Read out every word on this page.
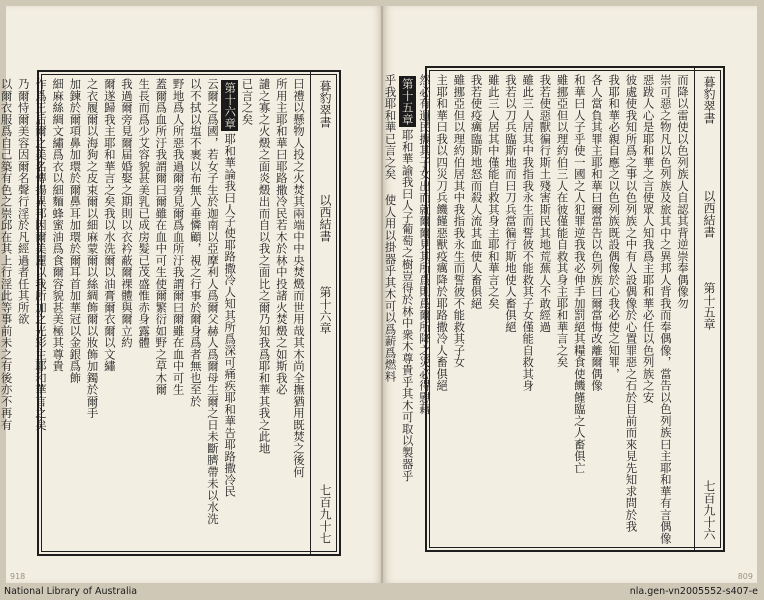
暮豹翠書
以西結書
第十六章
七百九十七

曰禮以懸物人投之火焚其兩端中中央焚燬而世用哉其木尚全撫猶用既焚之後何

所用主耶和華曰耶路撒冷民若木於林中投諸火焚燬之如斯我必

譴之寡之火燬之面炎燬出而自以我之面比之爾乃知我爲耶和華其我之此地

已言之矣

第十六章耶和華論我曰人子使耶路撒冷人知其所爲深可痛疾耶和華告耶路撒冷民

云爾之爲國，若女子生於迦南以亞摩利人爲爾父赫人爲爾母生爾之日未斷臍帶未以水洗

以不拭以塩不裹以布無人垂憐顧，視之行事於爾身爲者無也至於

野地爲人所惡我過爾旁見爾爲血所汙我謂爾曰爾雖在血中可生

蓋爾爲血所汙我謂爾曰爾雖在血中可生使爾繁衍如野之草木爾

生長而爲少艾容貌甚美乳已成房髮已茂盛惟赤身露體

我過爾旁見爾届婚娶之期則以衣衿蔽爾裸體與爾立約

爾遂歸我主耶和華言之矣我以水洗爾以油膏爾衣爾以文繡

之衣履爾以海狗之皮束爾以細麻蒙爾以絲綢飾爾以妝飾加鐲於爾手

加鍊於爾項鼻加環於爾鼻耳加環於爾耳首加華冠以金銀爲飾

細麻絲綢文繡爲衣以細麵蜂蜜油爲食爾容貌甚美極其尊貴

作爲王后爾之美名傳揚異邦因爾美麗以我所加之光彩主耶和華言之矣

乃爾恃爾美容因爾名聲行淫於凡經過者任其所欲

以爾衣服爲自己築有色之崇邱在其上行淫此等事前未之有後亦不再有

918
暮豹翠書
以西結書
第十五章
七百九十六

而降以雷使以色列族人自認其背逆崇奉偶像勿

崇可惡之物凡以色列族及旅其中之異邦人背我而奉偶像，當告以色列族曰主耶和華有言偶像

惡跋人心是耶和華之言使眾人知我爲主耶和華必任以色列族之安

彼處使我知所爲之事以色列族之中有人設偶像於心置罪惡之石於目前而來見先知求問於我

我耶和華必親自應之以色列族既設偶像於心我必使之知罪，

各人當負其罪主耶和華曰爾當告以色列族曰爾當悔改離爾偶像

和華曰人子乎使一國之人犯罪逆我我必伸手加罰絕其糧食使饑饉臨之人畜俱亡

雖挪亞但以理約伯三人在彼僅能自救其身主耶和華言之矣

我若使惡獸徧行斯土殘害斯民其地荒蕪人不敢經過

雖此三人居其中我指我永生而誓彼不能救其子女僅能自救其身

我若以刀兵臨斯地而曰刀兵當徧行斯地使人畜俱絕

雖此三人居其中僅能自救其身主耶和華言之矣

我若使疫癘臨斯地怒而殺人流其血使人畜俱絕

雖挪亞但以理約伯居其中我指我永生而誓彼不能救其子女

主耶和華曰我以四災刀兵饑饉惡獸疫癘降於耶路撒冷人畜俱絕

然必有遺民攜其子女出而就爾爾見其所爲則爲爾所降之災必得慰藉

第十五章耶和華諭我曰人子葡萄之樹豈得於林中衆木尊貴乎其木可取以製器乎

乎我耶和華已言之矣 使人用以掛器乎其木可以爲薪爲燃料

809
National Library of Australia	nla.gen-vn2005552-s407-e
